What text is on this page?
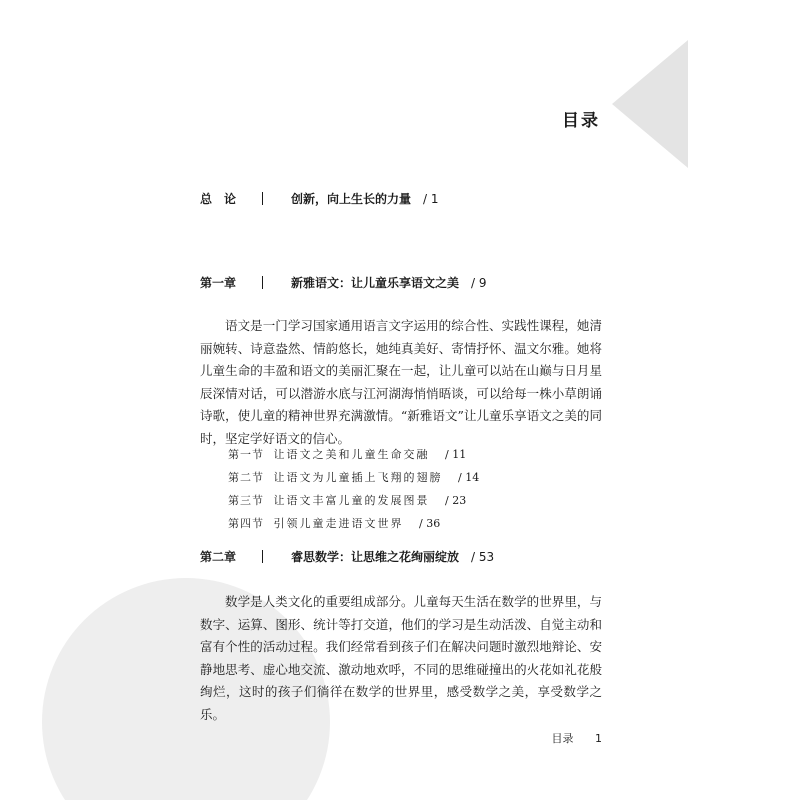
目录
总论	创新，向上生长的力量 / 1
第一章	新雅语文：让儿童乐享语文之美 / 9

语文是一门学习国家通用语言文字运用的综合性、实践性课程，她清丽婉转、诗意盎然、情韵悠长，她纯真美好、寄情抒怀、温文尔雅。她将儿童生命的丰盈和语文的美丽汇聚在一起，让儿童可以站在山巅与日月星辰深情对话，可以潜游水底与江河湖海悄悄晤谈，可以给每一株小草朗诵诗歌，使儿童的精神世界充满激情。“新雅语文”让儿童乐享语文之美的同时，坚定学好语文的信心。

第一节 让语文之美和儿童生命交融 / 11
第二节 让语文为儿童插上飞翔的翅膀 / 14
第三节 让语文丰富儿童的发展图景 / 23
第四节 引领儿童走进语文世界 / 36
第二章	睿思数学：让思维之花绚丽绽放 / 53

数学是人类文化的重要组成部分。儿童每天生活在数学的世界里，与数字、运算、图形、统计等打交道，他们的学习是生动活泼、自觉主动和富有个性的活动过程。我们经常看到孩子们在解决问题时激烈地辩论、安静地思考、虚心地交流、激动地欢呼，不同的思维碰撞出的火花如礼花般绚烂，这时的孩子们徜徉在数学的世界里，感受数学之美，享受数学之乐。

目录 1
